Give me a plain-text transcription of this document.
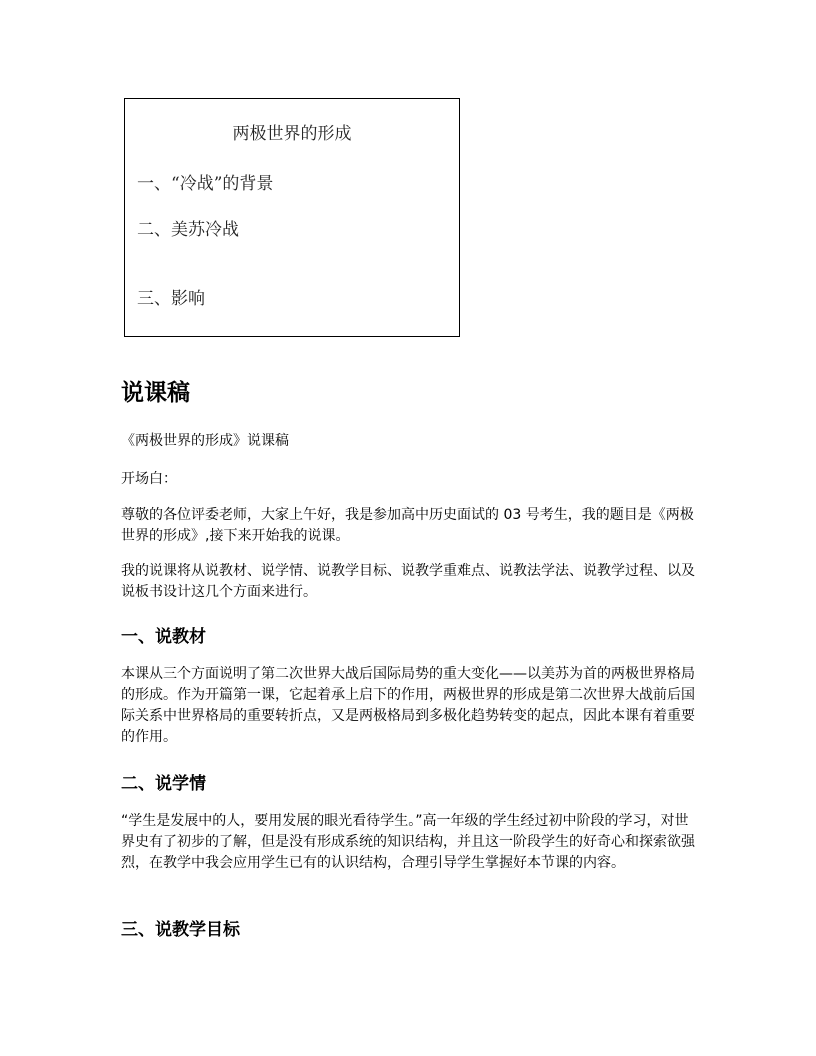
两极世界的形成
一、“冷战”的背景
二、美苏冷战
三、影响
说课稿
《两极世界的形成》说课稿
开场白：
尊敬的各位评委老师，大家上午好，我是参加高中历史面试的 03 号考生，我的题目是《两极世界的形成》,接下来开始我的说课。
我的说课将从说教材、说学情、说教学目标、说教学重难点、说教法学法、说教学过程、以及说板书设计这几个方面来进行。
一、说教材
本课从三个方面说明了第二次世界大战后国际局势的重大变化——以美苏为首的两极世界格局的形成。作为开篇第一课，它起着承上启下的作用，两极世界的形成是第二次世界大战前后国际关系中世界格局的重要转折点，又是两极格局到多极化趋势转变的起点，因此本课有着重要的作用。
二、说学情
“学生是发展中的人，要用发展的眼光看待学生。”高一年级的学生经过初中阶段的学习，对世界史有了初步的了解，但是没有形成系统的知识结构，并且这一阶段学生的好奇心和探索欲强烈，在教学中我会应用学生已有的认识结构，合理引导学生掌握好本节课的内容。
三、说教学目标
